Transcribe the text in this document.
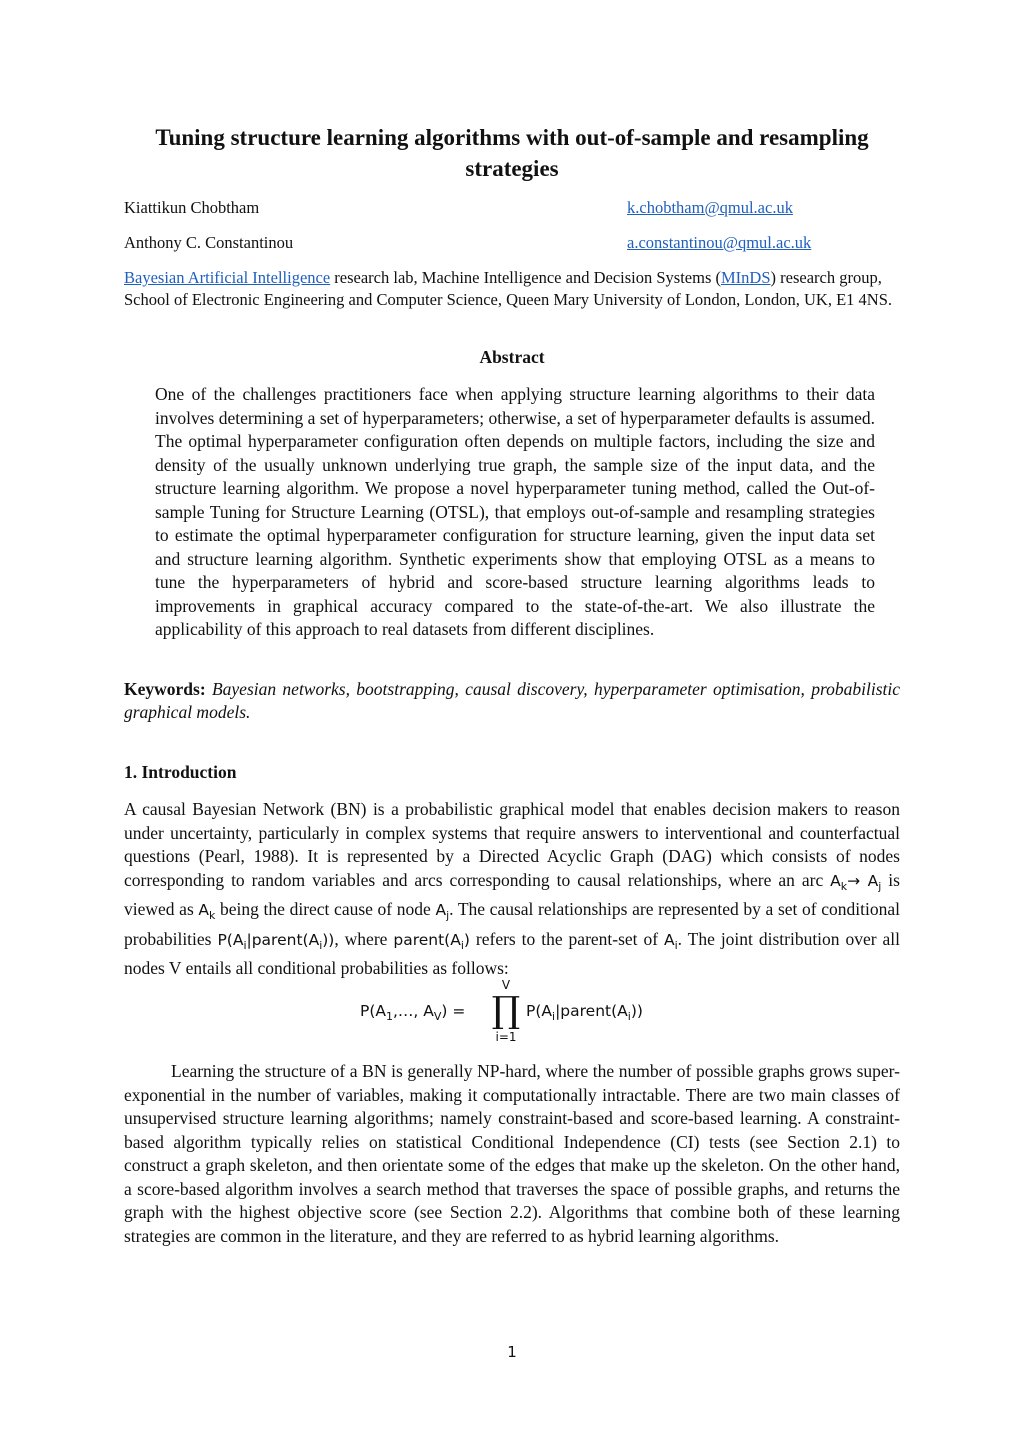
Tuning structure learning algorithms with out-of-sample and resampling strategies
Kiattikun Chobtham	k.chobtham@qmul.ac.uk
Anthony C. Constantinou	a.constantinou@qmul.ac.uk

Bayesian Artificial Intelligence research lab, Machine Intelligence and Decision Systems (MInDS) research group, School of Electronic Engineering and Computer Science, Queen Mary University of London, London, UK, E1 4NS.

Abstract

One of the challenges practitioners face when applying structure learning algorithms to their data involves determining a set of hyperparameters; otherwise, a set of hyperparameter defaults is assumed. The optimal hyperparameter configuration often depends on multiple factors, including the size and density of the usually unknown underlying true graph, the sample size of the input data, and the structure learning algorithm. We propose a novel hyperparameter tuning method, called the Out-of-sample Tuning for Structure Learning (OTSL), that employs out-of-sample and resampling strategies to estimate the optimal hyperparameter configuration for structure learning, given the input data set and structure learning algorithm. Synthetic experiments show that employing OTSL as a means to tune the hyperparameters of hybrid and score-based structure learning algorithms leads to improvements in graphical accuracy compared to the state-of-the-art. We also illustrate the applicability of this approach to real datasets from different disciplines.

Keywords: Bayesian networks, bootstrapping, causal discovery, hyperparameter optimisation, probabilistic graphical models.

1. Introduction

A causal Bayesian Network (BN) is a probabilistic graphical model that enables decision makers to reason under uncertainty, particularly in complex systems that require answers to interventional and counterfactual questions (Pearl, 1988). It is represented by a Directed Acyclic Graph (DAG) which consists of nodes corresponding to random variables and arcs corresponding to causal relationships, where an arc $A_k\to A_j$ is viewed as $A_k$ being the direct cause of node $A_j$. The causal relationships are represented by a set of conditional probabilities $P(A_i|parent(A_i))$, where $parent(A_i)$ refers to the parent-set of $A_i$. The joint distribution over all nodes V entails all conditional probabilities as follows:

$P(A_1,\dots$, $A_V$) =
V
∏
i=1
$P(A_i|parent(A_i))$

Learning the structure of a BN is generally NP-hard, where the number of possible graphs grows super-exponential in the number of variables, making it computationally intractable. There are two main classes of unsupervised structure learning algorithms; namely constraint-based and score-based learning. A constraint-based algorithm typically relies on statistical Conditional Independence (CI) tests (see Section 2.1) to construct a graph skeleton, and then orientate some of the edges that make up the skeleton. On the other hand, a score-based algorithm involves a search method that traverses the space of possible graphs, and returns the graph with the highest objective score (see Section 2.2). Algorithms that combine both of these learning strategies are common in the literature, and they are referred to as hybrid learning algorithms.

1
